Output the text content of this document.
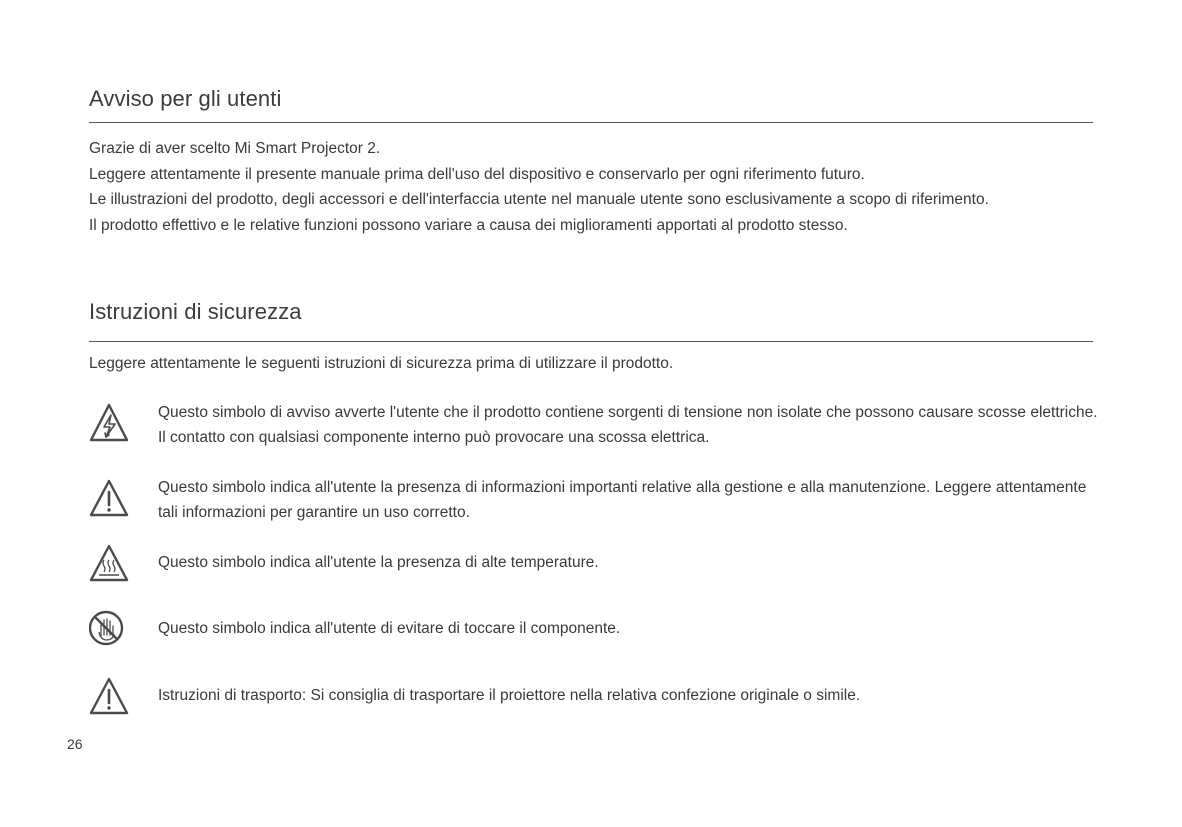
Avviso per gli utenti

Grazie di aver scelto Mi Smart Projector 2.
Leggere attentamente il presente manuale prima dell'uso del dispositivo e conservarlo per ogni riferimento futuro.
Le illustrazioni del prodotto, degli accessori e dell'interfaccia utente nel manuale utente sono esclusivamente a scopo di riferimento.
Il prodotto effettivo e le relative funzioni possono variare a causa dei miglioramenti apportati al prodotto stesso.

Istruzioni di sicurezza

Leggere attentamente le seguenti istruzioni di sicurezza prima di utilizzare il prodotto.

Questo simbolo di avviso avverte l'utente che il prodotto contiene sorgenti di tensione non isolate che possono causare scosse elettriche. Il contatto con qualsiasi componente interno può provocare una scossa elettrica.

Questo simbolo indica all'utente la presenza di informazioni importanti relative alla gestione e alla manutenzione. Leggere attentamente tali informazioni per garantire un uso corretto.

Questo simbolo indica all'utente la presenza di alte temperature.

Questo simbolo indica all'utente di evitare di toccare il componente.

Istruzioni di trasporto: Si consiglia di trasportare il proiettore nella relativa confezione originale o simile.

26
